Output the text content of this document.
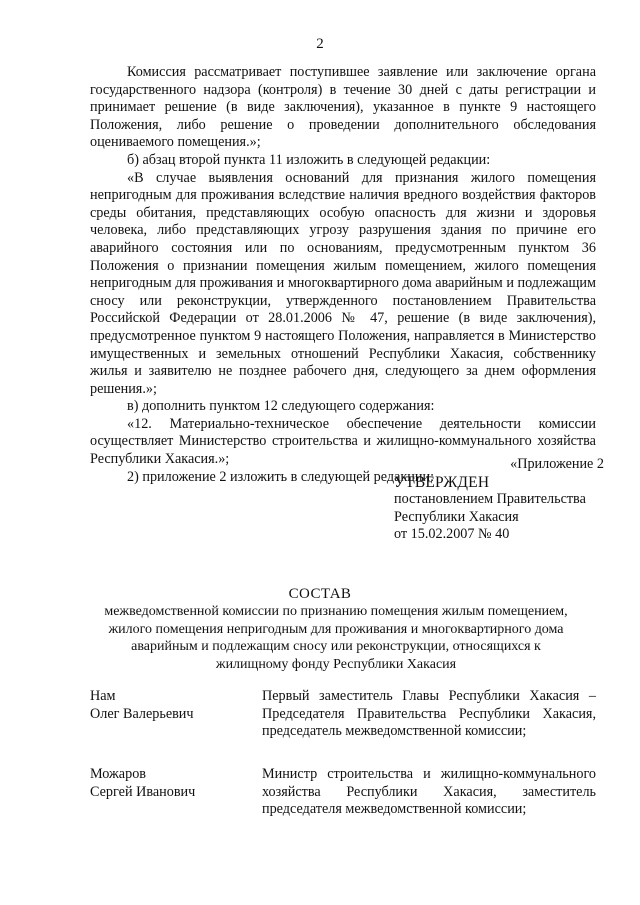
2

Комиссия рассматривает поступившее заявление или заключение органа государственного надзора (контроля) в течение 30 дней с даты регистрации и принимает решение (в виде заключения), указанное в пункте 9 настоящего Положения, либо решение о проведении дополнительного обследования оцениваемого помещения.»;

б) абзац второй пункта 11 изложить в следующей редакции:

«В случае выявления оснований для признания жилого помещения непригодным для проживания вследствие наличия вредного воздействия факторов среды обитания, представляющих особую опасность для жизни и здоровья человека, либо представляющих угрозу разрушения здания по причине его аварийного состояния или по основаниям, предусмотренным пунктом 36 Положения о признании помещения жилым помещением, жилого помещения непригодным для проживания и многоквартирного дома аварийным и подлежащим сносу или реконструкции, утвержденного постановлением Правительства Российской Федерации от 28.01.2006 № 47, решение (в виде заключения), предусмотренное пунктом 9 настоящего Положения, направляется в Министерство имущественных и земельных отношений Республики Хакасия, собственнику жилья и заявителю не позднее рабочего дня, следующего за днем оформления решения.»;

в) дополнить пунктом 12 следующего содержания:

«12. Материально-техническое обеспечение деятельности комиссии осуществляет Министерство строительства и жилищно-коммунального хозяйства Республики Хакасия.»;

2) приложение 2 изложить в следующей редакции:

«Приложение 2
УТВЕРЖДЕН
постановлением Правительства
Республики Хакасия
от 15.02.2007 № 40
СОСТАВ
межведомственной комиссии по признанию помещения жилым помещением, жилого помещения непригодным для проживания и многоквартирного дома аварийным и подлежащим сносу или реконструкции, относящихся к жилищному фонду Республики Хакасия
Нам
Олег Валерьевич
Первый заместитель Главы Республики Хакасия – Председателя Правительства Республики Хакасия, председатель межведомственной комиссии;
Можаров
Сергей Иванович
Министр строительства и жилищно-коммунального хозяйства Республики Хакасия, заместитель председателя межведомственной комиссии;
